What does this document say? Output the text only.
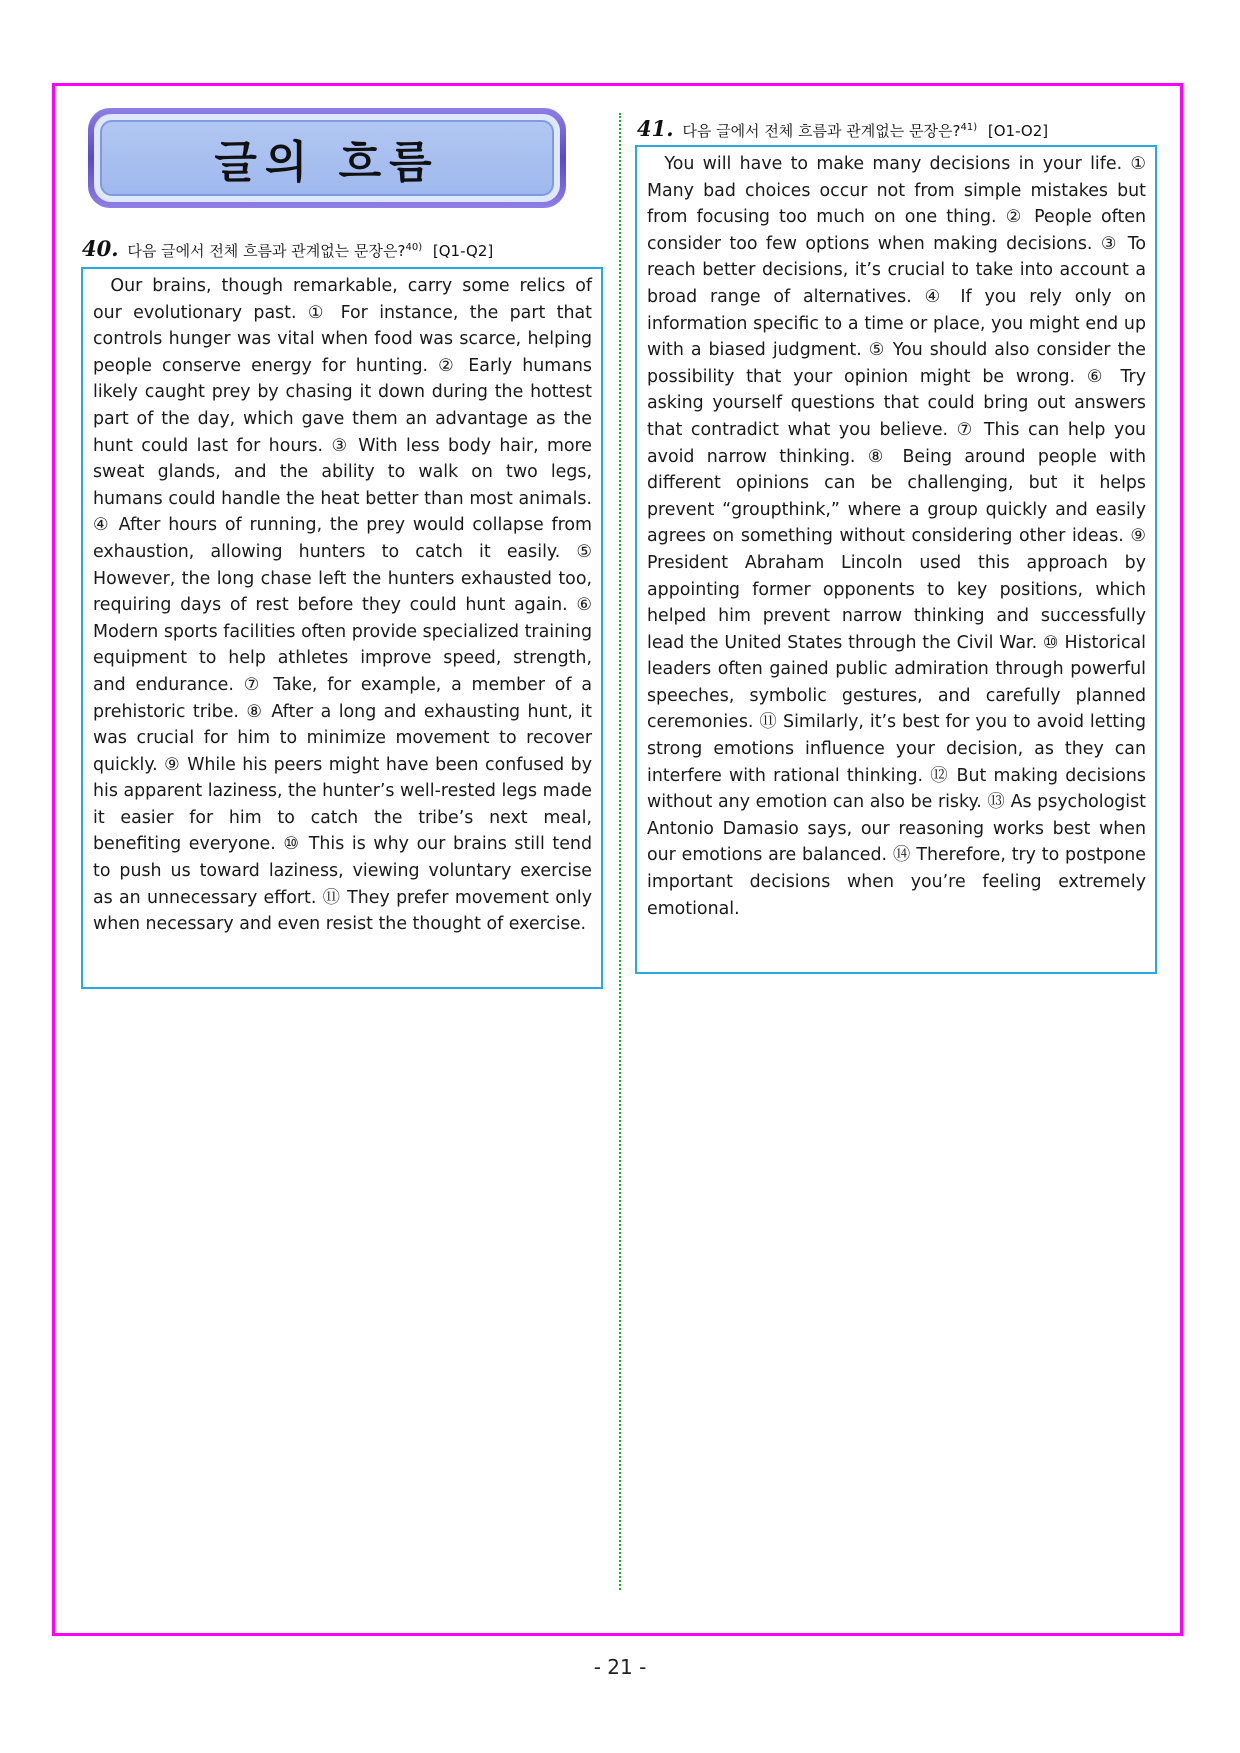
글의 흐름
40. 다음 글에서 전체 흐름과 관계없는 문장은?$^{40)}$ [Q1-Q2]

Our brains, though remarkable, carry some relics of our evolutionary past. ① For instance, the part that controls hunger was vital when food was scarce, helping people conserve energy for hunting. ② Early humans likely caught prey by chasing it down during the hottest part of the day, which gave them an advantage as the hunt could last for hours. ③ With less body hair, more sweat glands, and the ability to walk on two legs, humans could handle the heat better than most animals. ④ After hours of running, the prey would collapse from exhaustion, allowing hunters to catch it easily. ⑤ However, the long chase left the hunters exhausted too, requiring days of rest before they could hunt again. ⑥ Modern sports facilities often provide specialized training equipment to help athletes improve speed, strength, and endurance. ⑦ Take, for example, a member of a prehistoric tribe. ⑧ After a long and exhausting hunt, it was crucial for him to minimize movement to recover quickly. ⑨ While his peers might have been confused by his apparent laziness, the hunter’s well-rested legs made it easier for him to catch the tribe’s next meal, benefiting everyone. ⑩ This is why our brains still tend to push us toward laziness, viewing voluntary exercise as an unnecessary effort. ⑪ They prefer movement only when necessary and even resist the thought of exercise.

41. 다음 글에서 전체 흐름과 관계없는 문장은?$^{41)}$ [O1-O2]

You will have to make many decisions in your life. ① Many bad choices occur not from simple mistakes but from focusing too much on one thing. ② People often consider too few options when making decisions. ③ To reach better decisions, it’s crucial to take into account a broad range of alternatives. ④ If you rely only on information specific to a time or place, you might end up with a biased judgment. ⑤ You should also consider the possibility that your opinion might be wrong. ⑥ Try asking yourself questions that could bring out answers that contradict what you believe. ⑦ This can help you avoid narrow thinking. ⑧ Being around people with different opinions can be challenging, but it helps prevent “groupthink,” where a group quickly and easily agrees on something without considering other ideas. ⑨ President Abraham Lincoln used this approach by appointing former opponents to key positions, which helped him prevent narrow thinking and successfully lead the United States through the Civil War. ⑩ Historical leaders often gained public admiration through powerful speeches, symbolic gestures, and carefully planned ceremonies. ⑪ Similarly, it’s best for you to avoid letting strong emotions influence your decision, as they can interfere with rational thinking. ⑫ But making decisions without any emotion can also be risky. ⑬ As psychologist Antonio Damasio says, our reasoning works best when our emotions are balanced. ⑭ Therefore, try to postpone important decisions when you’re feeling extremely emotional.

- 21 -
